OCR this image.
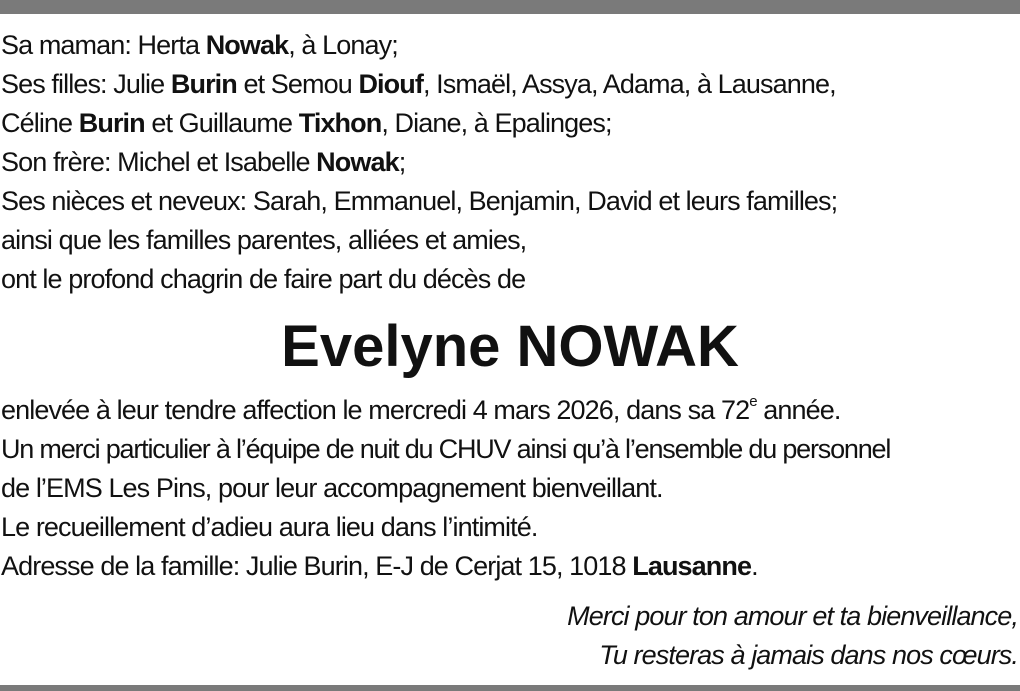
Sa maman: Herta Nowak, à Lonay;
Ses filles: Julie Burin et Semou Diouf, Ismaël, Assya, Adama, à Lausanne,
Céline Burin et Guillaume Tixhon, Diane, à Epalinges;
Son frère: Michel et Isabelle Nowak;
Ses nièces et neveux: Sarah, Emmanuel, Benjamin, David et leurs familles;
ainsi que les familles parentes, alliées et amies,
ont le profond chagrin de faire part du décès de
Evelyne NOWAK
enlevée à leur tendre affection le mercredi 4 mars 2026, dans sa 72e année.
Un merci particulier à l’équipe de nuit du CHUV ainsi qu’à l’ensemble du personnel
de l’EMS Les Pins, pour leur accompagnement bienveillant.
Le recueillement d’adieu aura lieu dans l’intimité.
Adresse de la famille: Julie Burin, E-J de Cerjat 15, 1018 Lausanne.
Merci pour ton amour et ta bienveillance,
Tu resteras à jamais dans nos cœurs.
